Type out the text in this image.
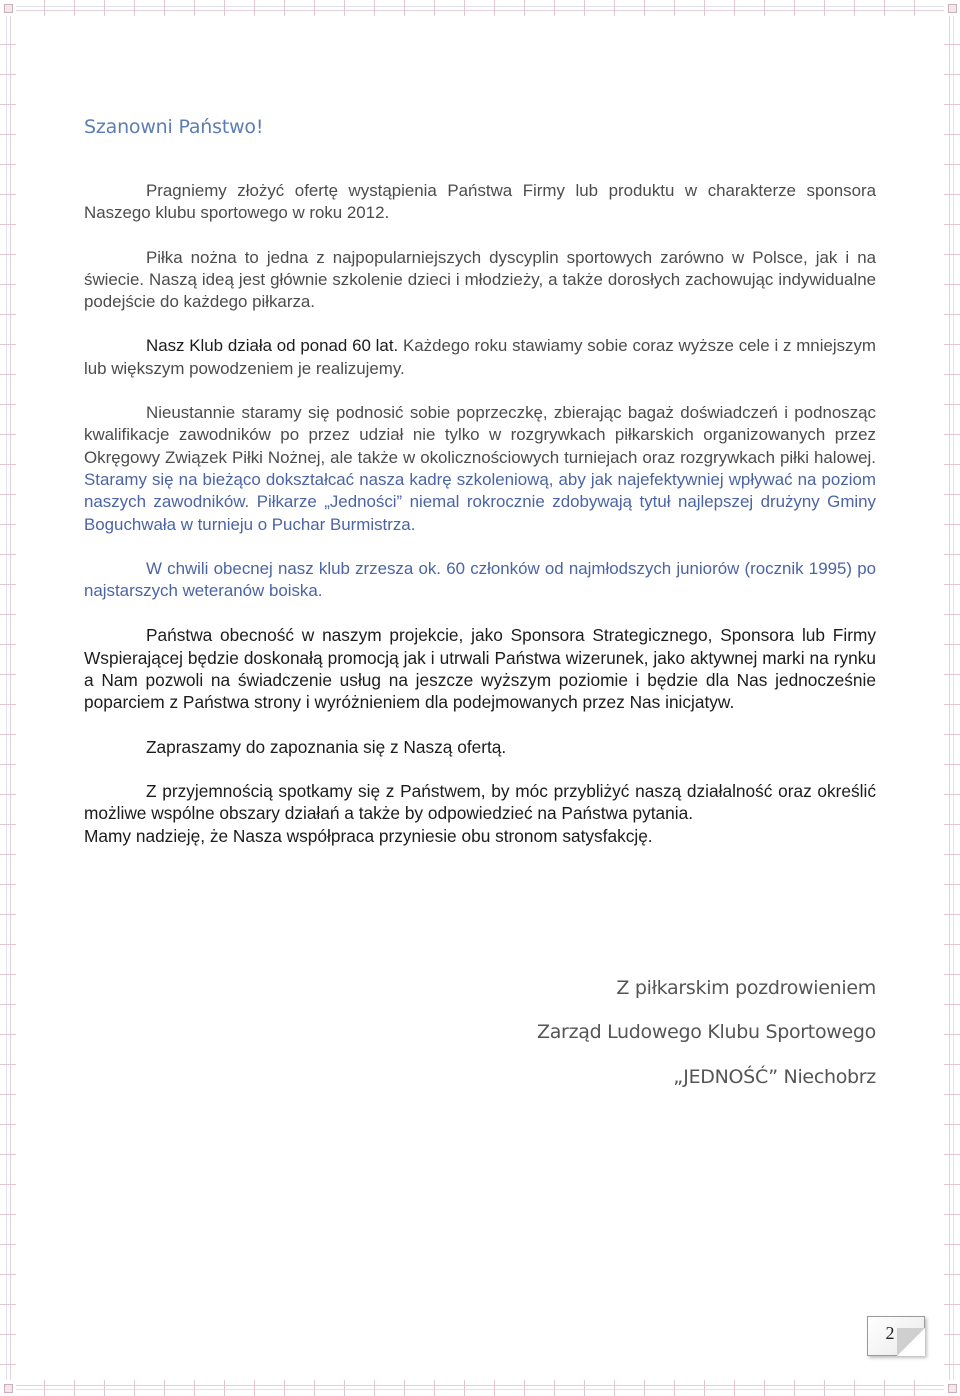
Szanowni Państwo!

Pragniemy złożyć ofertę wystąpienia Państwa Firmy lub produktu w charakterze sponsora Naszego klubu sportowego w roku 2012.

Piłka nożna to jedna z najpopularniejszych dyscyplin sportowych zarówno w Polsce, jak i na świecie. Naszą ideą jest głównie szkolenie dzieci i młodzieży, a także dorosłych zachowując indywidualne podejście do każdego piłkarza.

Nasz Klub działa od ponad 60 lat. Każdego roku stawiamy sobie coraz wyższe cele i z mniejszym lub większym powodzeniem je realizujemy.

Nieustannie staramy się podnosić sobie poprzeczkę, zbierając bagaż doświadczeń i podnosząc kwalifikacje zawodników po przez udział nie tylko w rozgrywkach piłkarskich organizowanych przez Okręgowy Związek Piłki Nożnej, ale także w okolicznościowych turniejach oraz rozgrywkach piłki halowej. Staramy się na bieżąco dokształcać nasza kadrę szkoleniową, aby jak najefektywniej wpływać na poziom naszych zawodników. Piłkarze „Jedności” niemal rokrocznie zdobywają tytuł najlepszej drużyny Gminy Boguchwała w turnieju o Puchar Burmistrza.

W chwili obecnej nasz klub zrzesza ok. 60 członków od najmłodszych juniorów (rocznik 1995) po najstarszych weteranów boiska.

Państwa obecność w naszym projekcie, jako Sponsora Strategicznego, Sponsora lub Firmy Wspierającej będzie doskonałą promocją jak i utrwali Państwa wizerunek, jako aktywnej marki na rynku a Nam pozwoli na świadczenie usług na jeszcze wyższym poziomie i będzie dla Nas jednocześnie poparciem z Państwa strony i wyróżnieniem dla podejmowanych przez Nas inicjatyw.

Zapraszamy do zapoznania się z Naszą ofertą.

Z przyjemnością spotkamy się z Państwem, by móc przybliżyć naszą działalność oraz określić możliwe wspólne obszary działań a także by odpowiedzieć na Państwa pytania.

Mamy nadzieję, że Nasza współpraca przyniesie obu stronom satysfakcję.

Z piłkarskim pozdrowieniem
Zarząd Ludowego Klubu Sportowego
„JEDNOŚĆ” Niechobrz
2
